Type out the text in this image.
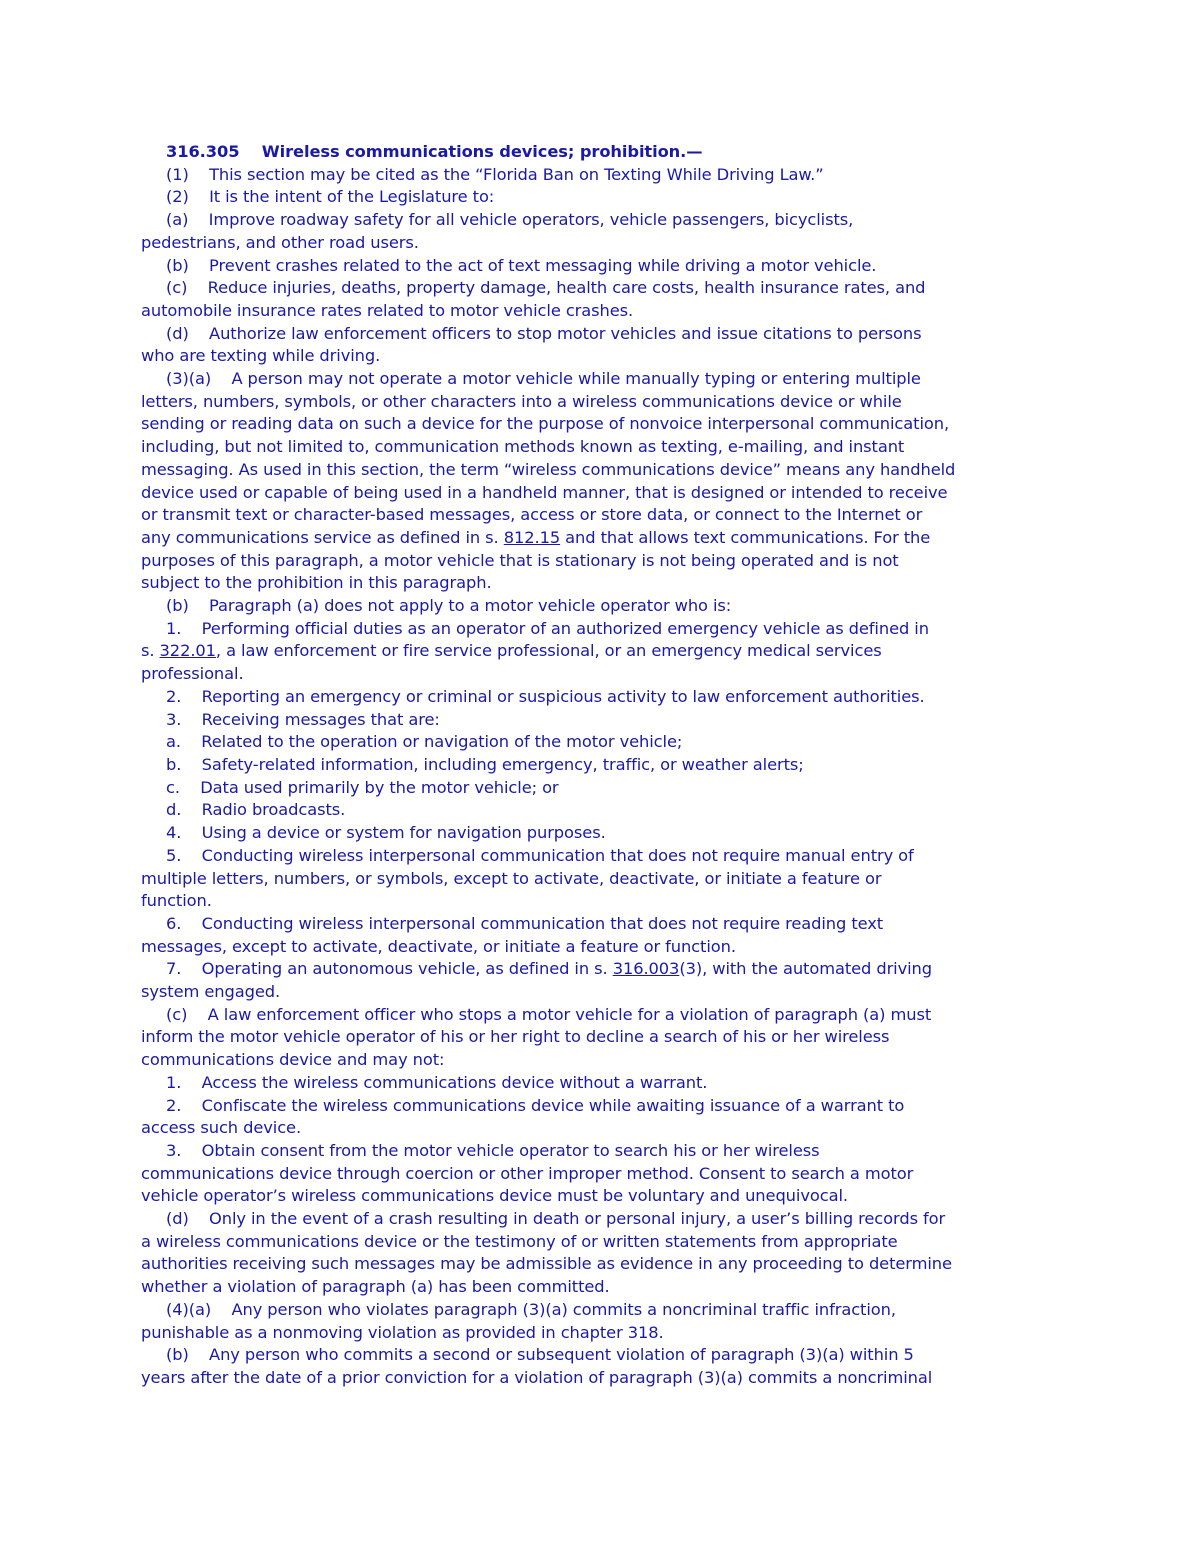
316.305 Wireless communications devices; prohibition.—

(1)    This section may be cited as the “Florida Ban on Texting While Driving Law.”

(2)    It is the intent of the Legislature to:

(a)    Improve roadway safety for all vehicle operators, vehicle passengers, bicyclists,

pedestrians, and other road users.

(b)    Prevent crashes related to the act of text messaging while driving a motor vehicle.

(c)    Reduce injuries, deaths, property damage, health care costs, health insurance rates, and

automobile insurance rates related to motor vehicle crashes.

(d)    Authorize law enforcement officers to stop motor vehicles and issue citations to persons

who are texting while driving.

(3)(a)    A person may not operate a motor vehicle while manually typing or entering multiple

letters, numbers, symbols, or other characters into a wireless communications device or while

sending or reading data on such a device for the purpose of nonvoice interpersonal communication,

including, but not limited to, communication methods known as texting, e-mailing, and instant

messaging. As used in this section, the term “wireless communications device” means any handheld

device used or capable of being used in a handheld manner, that is designed or intended to receive

or transmit text or character-based messages, access or store data, or connect to the Internet or

any communications service as defined in s. 812.15 and that allows text communications. For the

purposes of this paragraph, a motor vehicle that is stationary is not being operated and is not

subject to the prohibition in this paragraph.

(b)    Paragraph (a) does not apply to a motor vehicle operator who is:

1.    Performing official duties as an operator of an authorized emergency vehicle as defined in

s. 322.01, a law enforcement or fire service professional, or an emergency medical services

professional.

2.    Reporting an emergency or criminal or suspicious activity to law enforcement authorities.

3.    Receiving messages that are:

a.    Related to the operation or navigation of the motor vehicle;

b.    Safety-related information, including emergency, traffic, or weather alerts;

c.    Data used primarily by the motor vehicle; or

d.    Radio broadcasts.

4.    Using a device or system for navigation purposes.

5.    Conducting wireless interpersonal communication that does not require manual entry of

multiple letters, numbers, or symbols, except to activate, deactivate, or initiate a feature or

function.

6.    Conducting wireless interpersonal communication that does not require reading text

messages, except to activate, deactivate, or initiate a feature or function.

7.    Operating an autonomous vehicle, as defined in s. 316.003(3), with the automated driving

system engaged.

(c)    A law enforcement officer who stops a motor vehicle for a violation of paragraph (a) must

inform the motor vehicle operator of his or her right to decline a search of his or her wireless

communications device and may not:

1.    Access the wireless communications device without a warrant.

2.    Confiscate the wireless communications device while awaiting issuance of a warrant to

access such device.

3.    Obtain consent from the motor vehicle operator to search his or her wireless

communications device through coercion or other improper method. Consent to search a motor

vehicle operator’s wireless communications device must be voluntary and unequivocal.

(d)    Only in the event of a crash resulting in death or personal injury, a user’s billing records for

a wireless communications device or the testimony of or written statements from appropriate

authorities receiving such messages may be admissible as evidence in any proceeding to determine

whether a violation of paragraph (a) has been committed.

(4)(a)    Any person who violates paragraph (3)(a) commits a noncriminal traffic infraction,

punishable as a nonmoving violation as provided in chapter 318.

(b)    Any person who commits a second or subsequent violation of paragraph (3)(a) within 5

years after the date of a prior conviction for a violation of paragraph (3)(a) commits a noncriminal
